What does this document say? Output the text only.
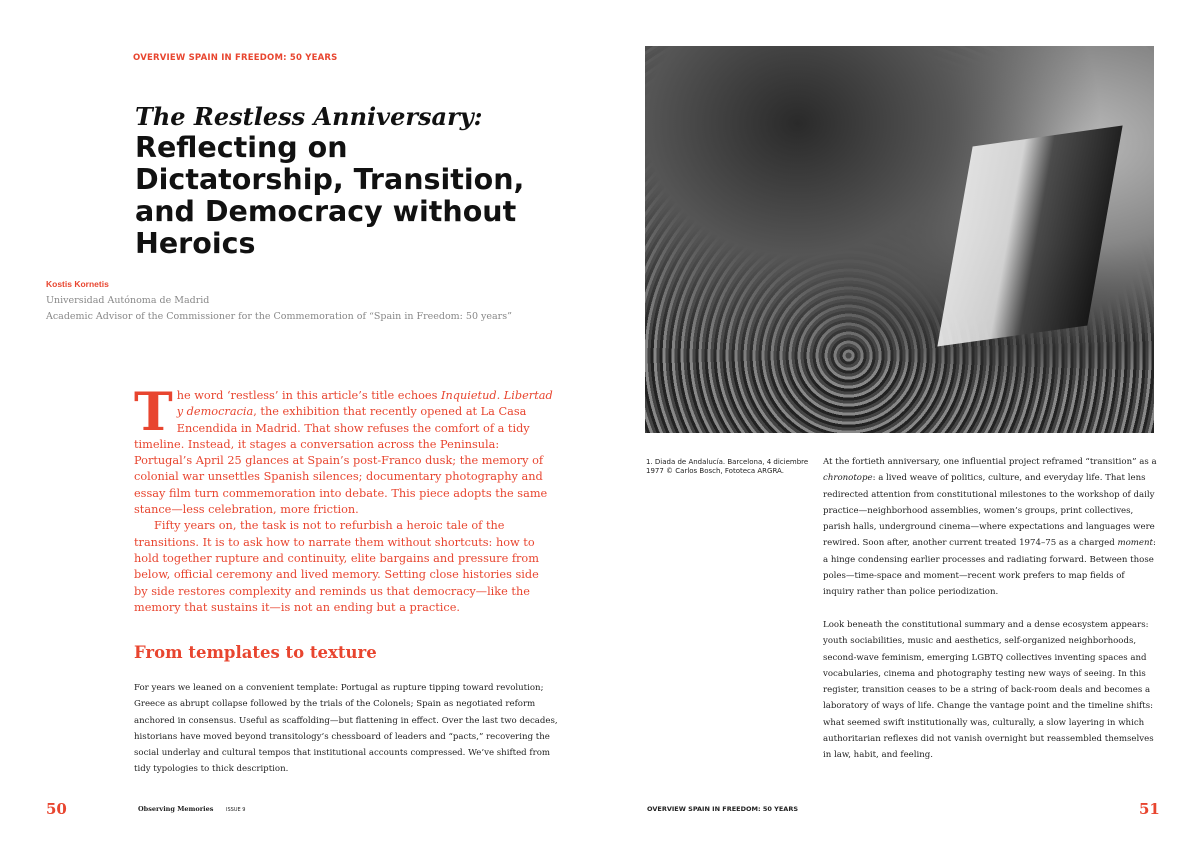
OVERVIEW SPAIN IN FREEDOM: 50 YEARS
The Restless Anniversary:
Reflecting on
Dictatorship, Transition,
and Democracy without
Heroics
Kostis Kornetis
Universidad Autónoma de Madrid
Academic Advisor of the Commissioner for the Commemoration of “Spain in Freedom: 50 years”

The word ‘restless’ in this article’s title echoes Inquietud. Libertad y democracia, the exhibition that recently opened at La Casa Encendida in Madrid. That show refuses the comfort of a tidy timeline. Instead, it stages a conversation across the Peninsula: Portugal’s April 25 glances at Spain’s post-Franco dusk; the memory of colonial war unsettles Spanish silences; documentary photography and essay film turn commemoration into debate. This piece adopts the same stance—less celebration, more friction.

Fifty years on, the task is not to refurbish a heroic tale of the transitions. It is to ask how to narrate them without shortcuts: how to hold together rupture and continuity, elite bargains and pressure from below, official ceremony and lived memory. Setting close histories side by side restores complexity and reminds us that democracy—like the memory that sustains it—is not an ending but a practice.

From templates to texture
For years we leaned on a convenient template: Portugal as rupture tipping toward revolution; Greece as abrupt collapse followed by the trials of the Colonels; Spain as negotiated reform anchored in consensus. Useful as scaffolding—but flattening in effect. Over the last two decades, historians have moved beyond transitology’s chessboard of leaders and “pacts,” recovering the social underlay and cultural tempos that institutional accounts compressed. We’ve shifted from tidy typologies to thick description.
1. Diada de Andalucía. Barcelona, 4 diciembre 1977 © Carlos Bosch, Fototeca ARGRA.

At the fortieth anniversary, one influential project reframed “transition” as a chronotope: a lived weave of politics, culture, and everyday life. That lens redirected attention from constitutional milestones to the workshop of daily practice—neighborhood assemblies, women’s groups, print collectives, parish halls, underground cinema—where expectations and languages were rewired. Soon after, another current treated 1974–75 as a charged moment: a hinge condensing earlier processes and radiating forward. Between those poles—time-space and moment—recent work prefers to map fields of inquiry rather than police periodization.

Look beneath the constitutional summary and a dense ecosystem appears: youth sociabilities, music and aesthetics, self-organized neighborhoods, second-wave feminism, emerging LGBTQ collectives inventing spaces and vocabularies, cinema and photography testing new ways of seeing. In this register, transition ceases to be a string of back-room deals and becomes a laboratory of ways of life. Change the vantage point and the timeline shifts: what seemed swift institutionally was, culturally, a slow layering in which authoritarian reflexes did not vanish overnight but reassembled themselves in law, habit, and feeling.

50	Observing Memories	ISSUE 9	OVERVIEW SPAIN IN FREEDOM: 50 YEARS	51
